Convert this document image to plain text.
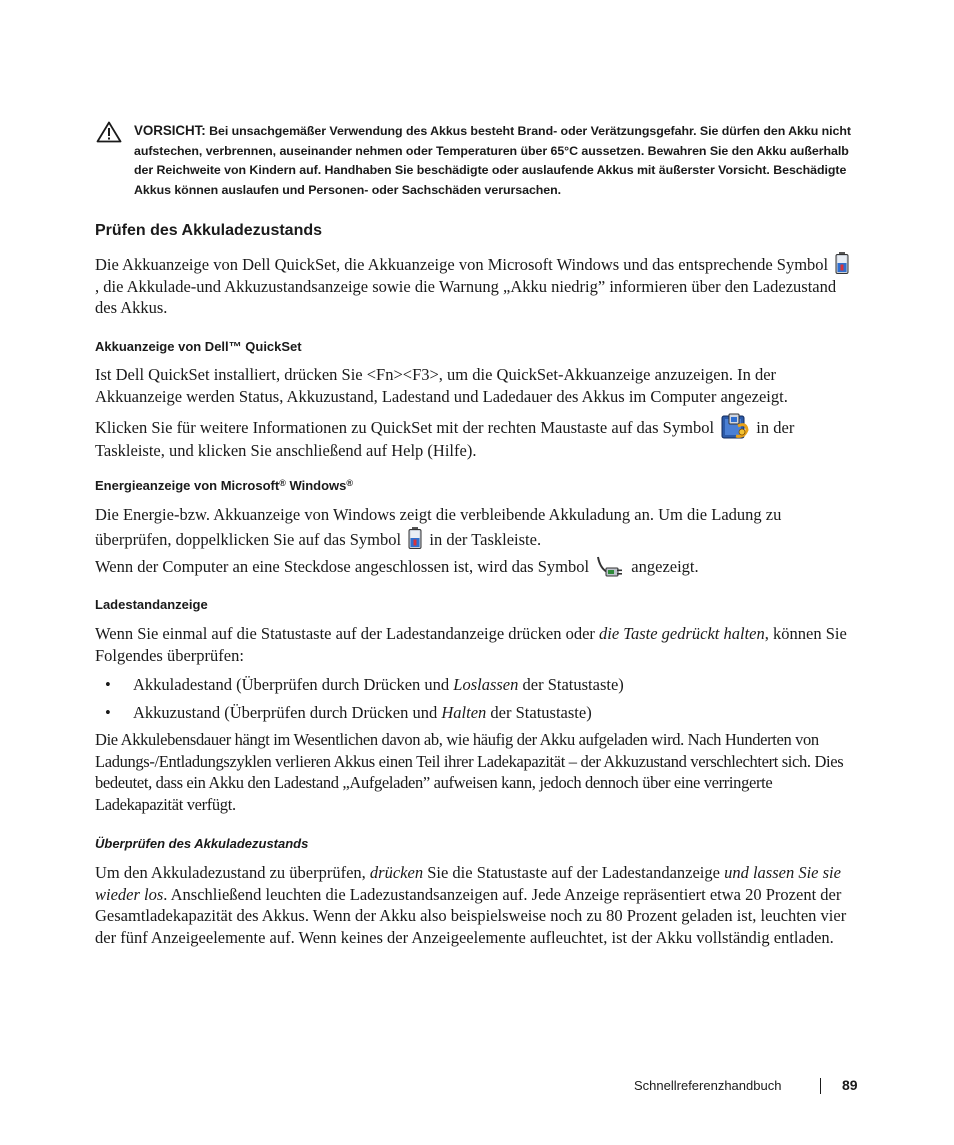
VORSICHT: Bei unsachgemäßer Verwendung des Akkus besteht Brand- oder Verätzungsgefahr. Sie dürfen den Akku nicht aufstechen, verbrennen, auseinander nehmen oder Temperaturen über 65°C aussetzen. Bewahren Sie den Akku außerhalb der Reichweite von Kindern auf. Handhaben Sie beschädigte oder auslaufende Akkus mit äußerster Vorsicht. Beschädigte Akkus können auslaufen und Personen- oder Sachschäden verursachen.
Prüfen des Akkuladezustands

Die Akkuanzeige von Dell QuickSet, die Akkuanzeige von Microsoft Windows und das entsprechende Symbol  , die Akkulade-und Akkuzustandsanzeige sowie die Warnung „Akku niedrig” informieren über den Ladezustand des Akkus.

Akkuanzeige von Dell™ QuickSet

Ist Dell QuickSet installiert, drücken Sie <Fn><F3>, um die QuickSet-Akkuanzeige anzuzeigen. In der Akkuanzeige werden Status, Akkuzustand, Ladestand und Ladedauer des Akkus im Computer angezeigt.

Klicken Sie für weitere Informationen zu QuickSet mit der rechten Maustaste auf das Symbol  in der Taskleiste, und klicken Sie anschließend auf Help (Hilfe).

Energieanzeige von Microsoft® Windows®

Die Energie-bzw. Akkuanzeige von Windows zeigt die verbleibende Akkuladung an. Um die Ladung zu überprüfen, doppelklicken Sie auf das Symbol  in der Taskleiste.

Wenn der Computer an eine Steckdose angeschlossen ist, wird das Symbol  angezeigt.

Ladestandanzeige

Wenn Sie einmal auf die Statustaste auf der Ladestandanzeige drücken oder die Taste gedrückt halten, können Sie Folgendes überprüfen:

• Akkuladestand (Überprüfen durch Drücken und Loslassen der Statustaste)

• Akkuzustand (Überprüfen durch Drücken und Halten der Statustaste)

Die Akkulebensdauer hängt im Wesentlichen davon ab, wie häufig der Akku aufgeladen wird. Nach Hunderten von Ladungs-/Entladungszyklen verlieren Akkus einen Teil ihrer Ladekapazität – der Akkuzustand verschlechtert sich. Dies bedeutet, dass ein Akku den Ladestand „Aufgeladen” aufweisen kann, jedoch dennoch über eine verringerte Ladekapazität verfügt.

Überprüfen des Akkuladezustands

Um den Akkuladezustand zu überprüfen, drücken Sie die Statustaste auf der Ladestandanzeige und lassen Sie sie wieder los. Anschließend leuchten die Ladezustandsanzeigen auf. Jede Anzeige repräsentiert etwa 20 Prozent der Gesamtladekapazität des Akkus. Wenn der Akku also beispielsweise noch zu 80 Prozent geladen ist, leuchten vier der fünf Anzeigeelemente auf. Wenn keines der Anzeigeelemente aufleuchtet, ist der Akku vollständig entladen.

Schnellreferenzhandbuch	89
